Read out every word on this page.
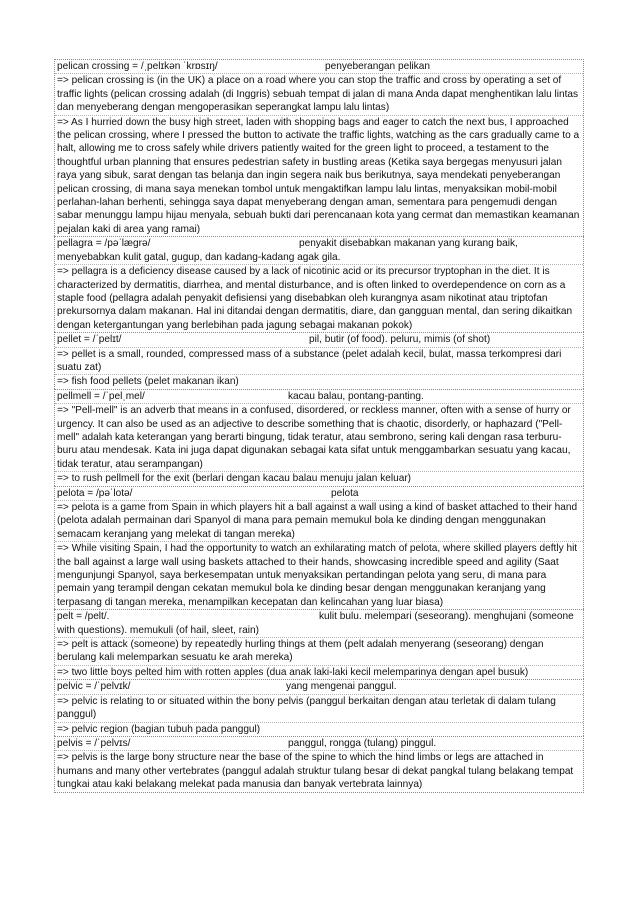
pelican crossing = /ˌpelɪkən ˈkrɒsɪŋ/	penyeberangan pelikan
=> pelican crossing is (in the UK) a place on a road where you can stop the traffic and cross by operating a set of traffic lights (pelican crossing adalah (di Inggris) sebuah tempat di jalan di mana Anda dapat menghentikan lalu lintas dan menyeberang dengan mengoperasikan seperangkat lampu lalu lintas)
=> As I hurried down the busy high street, laden with shopping bags and eager to catch the next bus, I approached the pelican crossing, where I pressed the button to activate the traffic lights, watching as the cars gradually came to a halt, allowing me to cross safely while drivers patiently waited for the green light to proceed, a testament to the thoughtful urban planning that ensures pedestrian safety in bustling areas (Ketika saya bergegas menyusuri jalan raya yang sibuk, sarat dengan tas belanja dan ingin segera naik bus berikutnya, saya mendekati penyeberangan pelican crossing, di mana saya menekan tombol untuk mengaktifkan lampu lalu lintas, menyaksikan mobil-mobil perlahan-lahan berhenti, sehingga saya dapat menyeberang dengan aman, sementara para pengemudi dengan sabar menunggu lampu hijau menyala, sebuah bukti dari perencanaan kota yang cermat dan memastikan keamanan pejalan kaki di area yang ramai)
pellagra = /pəˈlæɡrə/	penyakit disebabkan makanan yang kurang baik, menyebabkan kulit gatal, gugup, dan kadang-kadang agak gila.
=> pellagra is a deficiency disease caused by a lack of nicotinic acid or its precursor tryptophan in the diet. It is characterized by dermatitis, diarrhea, and mental disturbance, and is often linked to overdependence on corn as a staple food (pellagra adalah penyakit defisiensi yang disebabkan oleh kurangnya asam nikotinat atau triptofan prekursornya dalam makanan. Hal ini ditandai dengan dermatitis, diare, dan gangguan mental, dan sering dikaitkan dengan ketergantungan yang berlebihan pada jagung sebagai makanan pokok)
pellet = /ˈpelɪt/	pil, butir (of food). peluru, mimis (of shot)
=> pellet is a small, rounded, compressed mass of a substance (pelet adalah kecil, bulat, massa terkompresi dari suatu zat)
=> fish food pellets (pelet makanan ikan)
pellmell = /ˈpelˌmel/	kacau balau, pontang-panting.
=> "Pell-mell" is an adverb that means in a confused, disordered, or reckless manner, often with a sense of hurry or urgency. It can also be used as an adjective to describe something that is chaotic, disorderly, or haphazard ("Pell-mell" adalah kata keterangan yang berarti bingung, tidak teratur, atau sembrono, sering kali dengan rasa terburu-buru atau mendesak. Kata ini juga dapat digunakan sebagai kata sifat untuk menggambarkan sesuatu yang kacau, tidak teratur, atau serampangan)
=> to rush pellmell for the exit (berlari dengan kacau balau menuju jalan keluar)
pelota = /pəˈlotə/	pelota
=> pelota is a game from Spain in which players hit a ball against a wall using a kind of basket attached to their hand (pelota adalah permainan dari Spanyol di mana para pemain memukul bola ke dinding dengan menggunakan semacam keranjang yang melekat di tangan mereka)
=> While visiting Spain, I had the opportunity to watch an exhilarating match of pelota, where skilled players deftly hit the ball against a large wall using baskets attached to their hands, showcasing incredible speed and agility (Saat mengunjungi Spanyol, saya berkesempatan untuk menyaksikan pertandingan pelota yang seru, di mana para pemain yang terampil dengan cekatan memukul bola ke dinding besar dengan menggunakan keranjang yang terpasang di tangan mereka, menampilkan kecepatan dan kelincahan yang luar biasa)
pelt = /pelt/.	kulit bulu. melempari (seseorang). menghujani (someone with questions). memukuli (of hail, sleet, rain)
=> pelt is attack (someone) by repeatedly hurling things at them (pelt adalah menyerang (seseorang) dengan berulang kali melemparkan sesuatu ke arah mereka)
=> two little boys pelted him with rotten apples (dua anak laki-laki kecil melemparinya dengan apel busuk)
pelvic = /ˈpelvɪk/	yang mengenai panggul.
=> pelvic is relating to or situated within the bony pelvis (panggul berkaitan dengan atau terletak di dalam tulang panggul)
=> pelvic region (bagian tubuh pada panggul)
pelvis = /ˈpelvɪs/	panggul, rongga (tulang) pinggul.
=> pelvis is the large bony structure near the base of the spine to which the hind limbs or legs are attached in humans and many other vertebrates (panggul adalah struktur tulang besar di dekat pangkal tulang belakang tempat tungkai atau kaki belakang melekat pada manusia dan banyak vertebrata lainnya)
